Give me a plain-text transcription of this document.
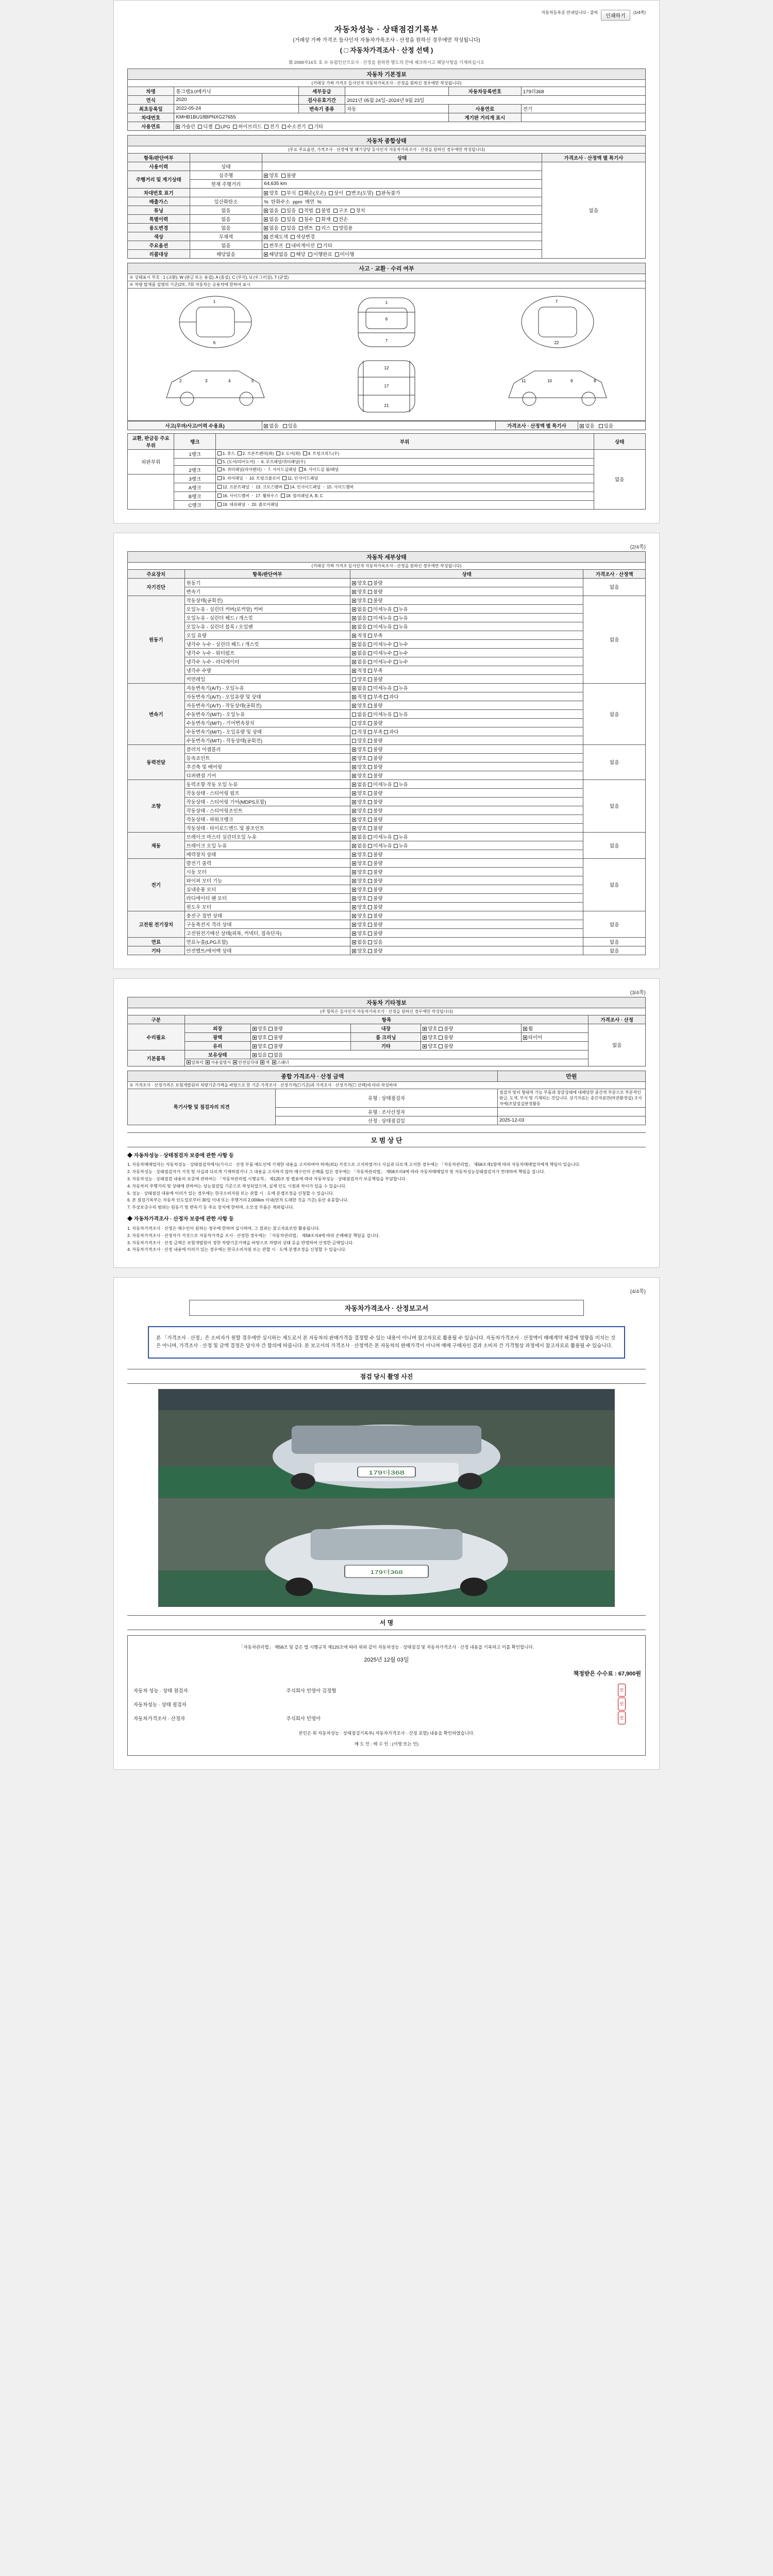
자동차등록증 안내입니다 - 클릭
인쇄하기
(1/4쪽)
자동차성능 · 상태점검기록부

(거래상 가짜 가격조 들사인자 자동차가록조사 - 산정을 원하신 경우에만 작성됩니다)

( □ 자동차가격조사 · 산정 선택 )

第 2068자14호 호 ※ 유럽인산으로사 · 산정을 원하면 별도의 칸에 체크하시고 해당사항을 기재하십시오

자동차 기본정보					
(거래상 가짜 가격조 들사인자 자동차가록조사 - 산정을 원하신 경우에만 작성됩니다)					
차명	통그램3.0메카닉	세부등급		자동차등록번호	179더368
연식	2020	검사유효기간	2021년 05월 24일~2024년 9월 23일		
최초등록일	2022-05-24	변속기 종류	자동	사용연료	전기
차대번호	KMHB1BU18BPNXG27655			계기판 거리계 표시	
사용연료	가솔린 디젤 LPG 하이브리드 전기 수소전기 기타				
자동차 종합상태			
(주요 주요옵션, 가격조사 · 산정에 및 폐기상당 등사인자 자동차가록조사 · 산정을 원하신 경우에만 작성됩니다)			
항목/판단여부		상태	가격조사 · 산정액 별 특기사
사용이력	상태		없음
주행거리 및 계기상태	실주행	양호 불량	
	현재 주행거리	64,635 km	
차대번호 표기		양호 부식 훼손(오손) 상이 변조(도말) 판독불가	
배출가스	일산화탄소	% 탄화수소 ppm 매연 %	
튜닝	없음	없음 있음 적법 불법 구조 장치	
특별이력	없음	없음 있음 침수 화재 전손	
용도변경	없음	없음 있음 렌트 리스 영업용	
색상	무채색	전체도색 색상변경	
주요옵션	없음	썬루프 내비게이션 기타	
리콜대상	해당없음	해당없음 해당 이행완료 미이행	
사고 · 교환 · 수리 여부
※ 상태표시 부호 : 1 (교환), W (판금 또는 용접), A (흠집), C (부식), U (우그러짐), T (균열)
※ 차량 탑재품 설명의 기준(2또, 7회 자동차는 승용차에 한하여 표시
1
6
1
6
7
7
22
2	3	4	5
12
17
21
11	10	9	8
사고(무뎌/사고/이력 수용표)	없음 있음	가격조사 · 산정액 별 특기사	없음 있음
교환, 판금등 주요 부위	랭크	부위	상태
외판부위	1랭크	1. 후드 2. 프론트펜더(좌) 3. 도어(좌) 4. 트렁크리드(우)	없음
		5. (도어/리어도어) ㆍ 6. 루프패널/쿼터패널(우)	
	2랭크	6. 쿼터패널(리어펜더) ㆍ 7. 사이드실패널 8. 사이드실 윔/패널	
	3랭크	9. 리어패널 ㆍ 10. 트렁크플로어 11. 인사이드패널	
	A랭크	12. 프론트패널 ㆍ 13. 크로스멤버 14. 인사이드패널 ㆍ 15. 사이드멤버	
	B랭크	16. 사이드멤버 ㆍ 17. 휠하우스 18. 필러패널 A, B, C	
	C랭크	19. 대쉬패널 ㆍ 20. 플로어패널	
(2/4쪽)
자동차 세부상태			
(거래상 가짜 가격조 들사인자 자동차가록조사 - 산정을 원하신 경우에만 작성됩니다)			
주요장치	항목/판단여부	상태	가격조사 · 산정액
자기진단	원동기	양호 불량	없음
	변속기	양호 불량	
원동기	작동상태(공회전)	양호 불량	없음
	오일누유 - 실린더 커버(로커암) 커버	없음 미세누유 누유	
	오일누유 - 실린더 헤드 / 개스킷	없음 미세누유 누유	
	오일누유 - 실린더 블록 / 오일팬	없음 미세누유 누유	
	오일 유량	적정 부족	
	냉각수 누수 - 실린더 헤드 / 개스킷	없음 미세누수 누수	
	냉각수 누수 - 워터펌프	없음 미세누수 누수	
	냉각수 누수 - 라디에이터	없음 미세누수 누수	
	냉각수 수량	적정 부족	
	커먼레일	양호 불량	
변속기	자동변속기(A/T) - 오일누유	없음 미세누유 누유	없음
	자동변속기(A/T) - 오일유량 및 상태	적정 부족 과다	
	자동변속기(A/T) - 작동상태(공회전)	양호 불량	
	수동변속기(M/T) - 오일누유	없음 미세누유 누유	
	수동변속기(M/T) - 기어변속장치	양호 불량	
	수동변속기(M/T) - 오일유량 및 상태	적정 부족 과다	
	수동변속기(M/T) - 작동상태(공회전)	양호 불량	
동력전달	클러치 어셈블리	양호 불량	없음
	등속죠인트	양호 불량	
	추진축 및 베어링	양호 불량	
	디퍼렌셜 기어	양호 불량	
조향	동력조향 작동 오일 누유	없음 미세누유 누유	없음
	작동상태 - 스티어링 펌프	양호 불량	
	작동상태 - 스티어링 기어(MDPS포함)	양호 불량	
	작동상태 - 스티어링조인트	양호 불량	
	작동상태 - 파워크랭크	양호 불량	
	작동상태 - 타이로드엔드 및 볼조인트	양호 불량	
제동	브레이크 마스터 실린더오일 누유	없음 미세누유 누유	없음
	브레이크 오일 누유	없음 미세누유 누유	
	배력장치 상태	양호 불량	
전기	발전기 출력	양호 불량	없음
	시동 모터	양호 불량	
	와이퍼 모터 기능	양호 불량	
	실내송풍 모터	양호 불량	
	라디에이터 팬 모터	양호 불량	
	윈도우 모터	양호 불량	
고전원 전기장치	충전구 절연 상태	양호 불량	없음
	구동축전지 격리 상태	양호 불량	
	고전원전기배선 상태(피복, 커넥터, 접속단자)	양호 불량	
연료	연료누출(LPG포함)	없음 있음	없음
기타	안전벨트/에어백 상태	양호 불량	없음
(3/4쪽)
자동차 기타정보						
(주 항목은 들사인자 자동차가록조사 · 산정을 원하신 경우에만 작성됩니다)						
구분	항목					가격조사 · 산정
수리필요	외장	양호 불량	내장	양호 불량	휠	없음
	광택	양호 불량	룸 크리닝	양호 불량	타이어	
	유리	양호 불량	기타	양호 불량		
기본품목	보유상태	있음 없음				
	앞좌석 사용설명서 안전삼각대 잭 스패너					
종합 가격조사 · 산정 금액		만원
※ 가격조사 · 산정가격은 보험개발원의 차량기준가액을 바탕으로 한 기준 가격조사 · 산정가격(☐기준)과 가격조사 · 산정가격(☐ 선택)에 따라 작성하며		
특기사항 및 점검자의 의견	유형 : 상태점검자	점검자 및의 형태적 가능 부품과 장감상태에 대해당한 중간적 부분으로 부분적인 판금, 도색, 부식 및 기재되는 것입니다. 상기자료는 중간자료만(마관환경설) 조사자에(조달설실판정활동
	유형 : 조사산정자	
	산정 : 상태점검일	2025-12-03
모 범 상 단
◆ 자동차성능 · 상태점검자 보증에 관한 사항 등

1. 자동차매매업자는 자동차성능 · 상태점검자에서(기사고 · 산정 부품 매도인에 기재한 내용을 고지하여야 하며(최1) 거짓으로 고지하였거나 사실과 다르게 고지한 경우에는 「자동차관리법」 제58조제1항에 따라 자동차매매업자에게 책임이 있습니다.

2. 자동차성능 · 상태점검자가 거짓 및 사실과 다르게 기재하였거나 그 내용을 고지하지 않아 매수인이 손해를 입은 경우에는 「자동차관리법」 제58조의4에 따라 자동차매매업자 및 자동차성능상태점검자가 연대하여 책임을 집니다.

3. 자동차성능 · 상태점검 내용의 보증에 관하여는 「자동차관리법 시행규칙」 제120조 및 별표에 따라 자동차성능 · 상태점검자가 보증책임을 부담합니다.

4. 자동차의 주행거리 및 상태에 관하여는 성능점검일 기준으로 작성되었으며, 실제 인도 시점과 차이가 있을 수 있습니다.

5. 성능 · 상태점검 내용에 이의가 있는 경우에는 한국소비자원 또는 관할 시 · 도에 분쟁조정을 신청할 수 있습니다.

6. 본 점검기록부는 자동차 인도일로부터 30일 이내 또는 주행거리 2,000km 이내(먼저 도래한 것을 기준) 동안 유효합니다.

7. 무상보증수리 범위는 원동기 및 변속기 등 주요 장치에 한하며, 소모성 부품은 제외됩니다.

◆ 자동차가격조사 · 산정자 보증에 관한 사항 등

1. 자동차가격조사 · 산정은 매수인이 원하는 경우에 한하여 실시하며, 그 결과는 참고자료로만 활용됩니다.

2. 자동차가격조사 · 산정자가 거짓으로 자동차가격을 조사 · 산정한 경우에는 「자동차관리법」 제58조의4에 따라 손해배상 책임을 집니다.

3. 자동차가격조사 · 산정 금액은 보험개발원이 정한 차량기준가액을 바탕으로 차량의 상태 등을 반영하여 산정한 금액입니다.

4. 자동차가격조사 · 산정 내용에 이의가 있는 경우에는 한국소비자원 또는 관할 시 · 도에 분쟁조정을 신청할 수 있습니다.

(4/4쪽)
자동차가격조사 · 산정보고서
본 「가격조사 · 산정」은 소비자가 원할 경우에만 실시하는 제도로서 본 자동차의 판매가격을 결정할 수 있는 내용이 아니며 참고자료로 활용될 수 있습니다. 자동차가격조사 · 산정액이 매매계약 체결에 영향을 미치는 것은 아니며, 가격조사 · 산정 및 금액 결정은 당사자 간 합의에 따릅니다. 본 보고서의 가격조사 · 산정액은 본 자동차의 판매가격이 아니며 매매 구매자인 결과 소비자 간 가격협상 과정에서 참고자료로 활용될 수 있습니다.
점검 당시 촬영 사진
179더368
179더368
서 명

「자동차관리법」 제58조 및 같은 법 시행규칙 제120조에 따라 위와 같이 자동차성능 · 상태점검 및 자동차가격조사 · 산정 내용을 기록하고 이를 확인합니다.

2025년 12월 03일

책정받은 수수료 : 67,900원

자동차 성능 · 상태 점검자	주식회사 민영아 김정협	인
자동차성능 · 상태 점검자		인
자동차가격조사 · 산정자	주식회사 민영아	인

본인은 위 자동차성능 · 상태점검기록부( 자동차가격조사 · 산정 포함) 내용을 확인하였습니다.

매 도 인 : 매 수 인 : (서명 또는 인)
